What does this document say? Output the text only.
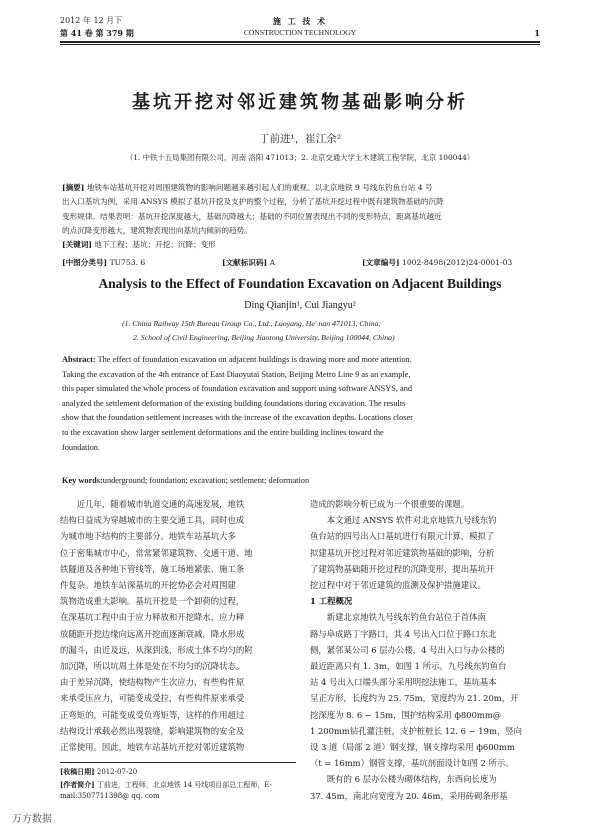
2012 年 12 月下
第 41 卷 第 379 期
施 工 技 术
CONSTRUCTION TECHNOLOGY	1
基坑开挖对邻近建筑物基础影响分析
丁前进¹，崔江余²
（1. 中铁十五局集团有限公司，河南 洛阳 471013；2. 北京交通大学土木建筑工程学院，北京 100044）

[摘要] 地铁车站基坑开挖对周围建筑物的影响问题越来越引起人们的重视。以北京地铁 9 号线东钓鱼台站 4 号

出入口基坑为例，采用 ANSYS 模拟了基坑开挖及支护的整个过程，分析了基坑开挖过程中既有建筑物基础的沉降

变形规律。结果表明：基坑开挖深度越大，基础沉降越大；基础的不同位置表现出不同的变形特点，距离基坑越近

的点沉降变形越大，建筑物表现出向基坑内倾斜的趋势。

[关键词] 地下工程；基坑；开挖；沉降；变形

[中图分类号] TU753. 6	[文献标识码] A	[文章编号] 1002-8498(2012)24-0001-03
Analysis to the Effect of Foundation Excavation on Adjacent Buildings
Ding Qianjin¹, Cui Jiangyu²
(1. China Railway 15th Bureau Group Co., Ltd., Luoyang, He' nan 471013, China;
2. School of Civil Engineering, Beijing Jiaotong University, Beijing 100044, China)

Abstract: The effect of foundation excavation on adjacent buildings is drawing more and more attention.

Taking the excavation of the 4th entrance of East Diaoyutai Station, Beijing Metro Line 9 as an example,

this paper simulated the whole process of foundation excavation and support using software ANSYS, and

analyzed the settlement deformation of the existing building foundations during excavation. The results

show that the foundation settlement increases with the increase of the excavation depths. Locations closer

to the excavation show larger settlement deformations and the entire building inclines toward the

foundation.

Key words:underground; foundation; excavation; settlement; deformation

近几年，随着城市轨道交通的高速发展，地铁

结构日益成为穿越城市的主要交通工具，同时也成

为城市地下结构的主要部分。地铁车站基坑大多

位于密集城市中心，常常紧邻建筑物、交通干道、地

铁隧道及各种地下管线等，施工场地紧张、施工条

件复杂。地铁车站深基坑的开挖势必会对周围建

筑物造成重大影响。基坑开挖是一个卸荷的过程，

在深基坑工程中由于应力释放和开挖降水，应力释

放随距开挖边缘向远离开挖面逐渐衰减，降水形成

的漏斗，由近及远，从深到浅，形成土体不均匀的附

加沉降，所以坑周土体是处在不均匀的沉降状态。

由于差异沉降，使结构物产生次应力，有些构件原

来承受压应力，可能变成受拉，有些构件原来承受

正弯矩的，可能变成受负弯矩等，这样的作用超过

结构设计承载必然出现裂缝，影响建筑物的安全及

正常使用。因此，地铁车站基坑开挖对邻近建筑物

[收稿日期] 2012-07-20
[作者简介] 丁前进，工程师，北京地铁 14 号线项目部总工程师，E-
mail:3507711398@ qq. com

造成的影响分析已成为一个很重要的课题。

本文通过 ANSYS 软件对北京地铁九号线东钓

鱼台站的四号出入口基坑进行有限元计算，模拟了

拟建基坑开挖过程对邻近建筑物基础的影响，分析

了建筑物基础随开挖过程的沉降变形，提出基坑开

挖过程中对于邻近建筑的监测及保护措施建议。

1 工程概况

新建北京地铁九号线东钓鱼台站位于首体南

路与阜成路丁字路口，其 4 号出入口位于路口东北

侧，紧邻某公司 6 层办公楼，4 号出入口与办公楼的

最近距离只有 1. 3m，如图 1 所示。九号线东钓鱼台

站 4 号出入口端头部分采用明挖法施工，基坑基本

呈正方形，长度约为 25. 75m，宽度约为 21. 20m，开

挖深度为 8. 6 ~ 15m，围护结构采用 ф800mm@

1 200mm钻孔灌注桩，支护桩桩长 12. 6 ~ 19m，竖向

设 3 道（局部 2 道）钢支撑，钢支撑均采用 ф600mm

（t = 16mm）钢管支撑，基坑剖面设计如图 2 所示。

既有的 6 层办公楼为砌体结构，东西向长度为

37. 45m，南北向宽度为 20. 46m，采用砖砌条形基

万方数据
